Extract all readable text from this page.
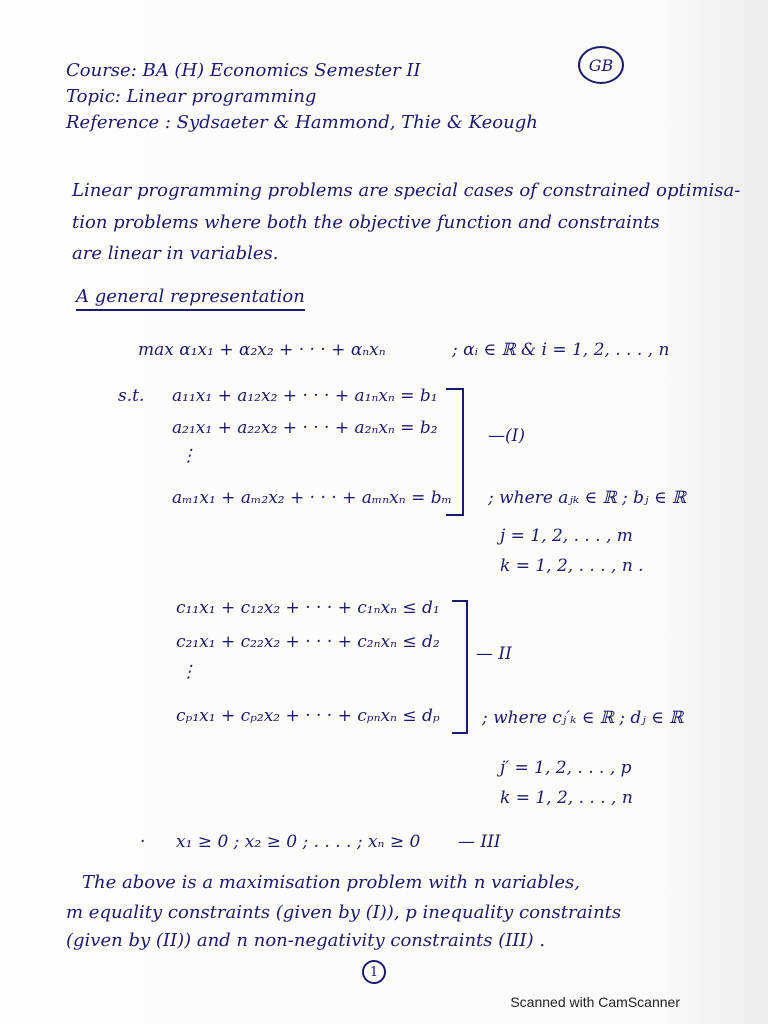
Course: BA (H) Economics Semester II
Topic: Linear programming
Reference : Sydsaeter & Hammond, Thie & Keough
GB
Linear programming problems are special cases of constrained optimisa-
tion problems where both the objective function and constraints
are linear in variables.
A general representation
max α₁x₁ + α₂x₂ + · · · + αₙxₙ	; αᵢ ∈ ℝ & i = 1, 2, . . . , n
s.t. a₁₁x₁ + a₁₂x₂ + · · · + a₁ₙxₙ = b₁
a₂₁x₁ + a₂₂x₂ + · · · + a₂ₙxₙ = b₂
⋮
aₘ₁x₁ + aₘ₂x₂ + · · · + aₘₙxₙ = bₘ
—(I)
; where aⱼₖ ∈ ℝ ; bⱼ ∈ ℝ
j = 1, 2, . . . , m
k = 1, 2, . . . , n .
c₁₁x₁ + c₁₂x₂ + · · · + c₁ₙxₙ ≤ d₁
c₂₁x₁ + c₂₂x₂ + · · · + c₂ₙxₙ ≤ d₂
⋮
cₚ₁x₁ + cₚ₂x₂ + · · · + cₚₙxₙ ≤ dₚ
— II
; where cⱼ′ₖ ∈ ℝ ; dⱼ ∈ ℝ
j′ = 1, 2, . . . , p
k = 1, 2, . . . , n
· x₁ ≥ 0 ; x₂ ≥ 0 ; . . . . ; xₙ ≥ 0 — III
The above is a maximisation problem with n variables,
m equality constraints (given by (I)), p inequality constraints
(given by (II)) and n non-negativity constraints (III) .
1
Scanned with CamScanner
